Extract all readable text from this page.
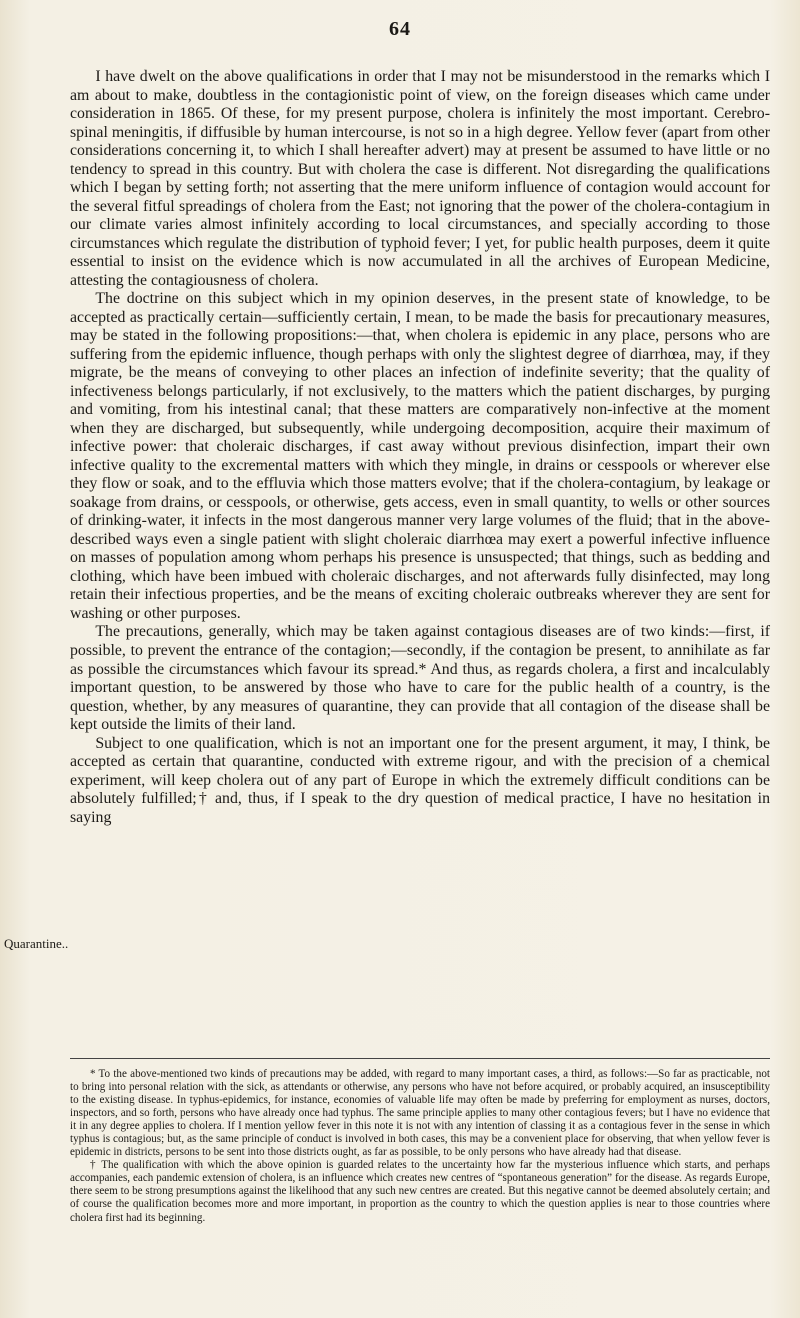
64

I have dwelt on the above qualifications in order that I may not be misunderstood in the remarks which I am about to make, doubtless in the contagionistic point of view, on the foreign diseases which came under consideration in 1865. Of these, for my present purpose, cholera is infinitely the most important. Cerebro-spinal meningitis, if diffusible by human intercourse, is not so in a high degree. Yellow fever (apart from other considerations concerning it, to which I shall hereafter advert) may at present be assumed to have little or no tendency to spread in this country. But with cholera the case is different. Not disregarding the qualifications which I began by setting forth; not asserting that the mere uniform influence of contagion would account for the several fitful spreadings of cholera from the East; not ignoring that the power of the cholera-contagium in our climate varies almost infinitely according to local circumstances, and specially according to those circumstances which regulate the distribution of typhoid fever; I yet, for public health purposes, deem it quite essential to insist on the evidence which is now accumulated in all the archives of European Medicine, attesting the contagiousness of cholera.

The doctrine on this subject which in my opinion deserves, in the present state of knowledge, to be accepted as practically certain—sufficiently certain, I mean, to be made the basis for precautionary measures, may be stated in the following propositions:—that, when cholera is epidemic in any place, persons who are suffering from the epidemic influence, though perhaps with only the slightest degree of diarrhœa, may, if they migrate, be the means of conveying to other places an infection of indefinite severity; that the quality of infectiveness belongs particularly, if not exclusively, to the matters which the patient discharges, by purging and vomiting, from his intestinal canal; that these matters are comparatively non-infective at the moment when they are discharged, but subsequently, while undergoing decomposition, acquire their maximum of infective power: that choleraic discharges, if cast away without previous disinfection, impart their own infective quality to the excremental matters with which they mingle, in drains or cesspools or wherever else they flow or soak, and to the effluvia which those matters evolve; that if the cholera-contagium, by leakage or soakage from drains, or cesspools, or otherwise, gets access, even in small quantity, to wells or other sources of drinking-water, it infects in the most dangerous manner very large volumes of the fluid; that in the above-described ways even a single patient with slight choleraic diarrhœa may exert a powerful infective influence on masses of population among whom perhaps his presence is unsuspected; that things, such as bedding and clothing, which have been imbued with choleraic discharges, and not afterwards fully disinfected, may long retain their infectious properties, and be the means of exciting choleraic outbreaks wherever they are sent for washing or other purposes.

The precautions, generally, which may be taken against contagious diseases are of two kinds:—first, if possible, to prevent the entrance of the contagion;—secondly, if the contagion be present, to annihilate as far as possible the circumstances which favour its spread.* And thus, as regards cholera, a first and incalculably important question, to be answered by those who have to care for the public health of a country, is the question, whether, by any measures of quarantine, they can provide that all contagion of the disease shall be kept outside the limits of their land.

Subject to one qualification, which is not an important one for the present argument, it may, I think, be accepted as certain that quarantine, conducted with extreme rigour, and with the precision of a chemical experiment, will keep cholera out of any part of Europe in which the extremely difficult conditions can be absolutely fulfilled;† and, thus, if I speak to the dry question of medical practice, I have no hesitation in saying

Quarantine..

* To the above-mentioned two kinds of precautions may be added, with regard to many important cases, a third, as follows:—So far as practicable, not to bring into personal relation with the sick, as attendants or otherwise, any persons who have not before acquired, or probably acquired, an insusceptibility to the existing disease. In typhus-epidemics, for instance, economies of valuable life may often be made by preferring for employment as nurses, doctors, inspectors, and so forth, persons who have already once had typhus. The same principle applies to many other contagious fevers; but I have no evidence that it in any degree applies to cholera. If I mention yellow fever in this note it is not with any intention of classing it as a contagious fever in the sense in which typhus is contagious; but, as the same principle of conduct is involved in both cases, this may be a convenient place for observing, that when yellow fever is epidemic in districts, persons to be sent into those districts ought, as far as possible, to be only persons who have already had that disease.

† The qualification with which the above opinion is guarded relates to the uncertainty how far the mysterious influence which starts, and perhaps accompanies, each pandemic extension of cholera, is an influence which creates new centres of “spontaneous generation” for the disease. As regards Europe, there seem to be strong presumptions against the likelihood that any such new centres are created. But this negative cannot be deemed absolutely certain; and of course the qualification becomes more and more important, in proportion as the country to which the question applies is near to those countries where cholera first had its beginning.
